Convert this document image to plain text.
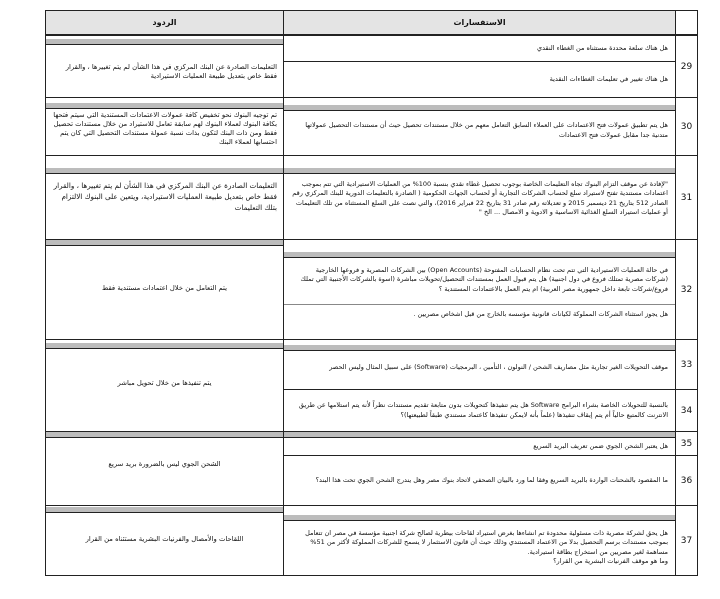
	الاستفسارات	الردود

29	هل هناك سلعة محددة مستثناه من الغطاء النقدي	التعليمات الصادرة عن البنك المركزي في هذا الشأن لم يتم تغييرها ، والقرار فقط خاص بتعديل طبيعة العمليات الاستيرادية

	هل هناك تغيير في تعليمات الغطاءات النقدية	

30	هل يتم تطبيق عمولات فتح الاعتمادات على العملاء السابق التعامل معهم من خلال مستندات تحصيل حيث أن مستندات التحصيل عمولاتها متدنية جدا مقابل عمولات فتح الاعتمادات	تم توجيه البنوك نحو تخفيض كافة عمولات الاعتمادات المستندية التي سيتم فتحها بكافة البنوك لعملاء البنوك لهم سابقة تعامل للاستيراد من خلال مستندات تحصيل فقط ومن ذات البنك لتكون بذات نسبة عمولة مستندات التحصيل التي كان يتم احتسابها لعملاء البنك

31	"لإفادة عن موقف التزام البنوك تجاه التعليمات الخاصة بوجوب تحصيل غطاء نقدي بنسبة 100% من العمليات الاستيرادية التي تتم بموجب اعتمادات مستندية تفتح لاستيراد سلع لحساب الشركات التجارية أو لحساب الجهات الحكومية ( الصادرة بالتعليمات الدورية للبنك المركزي رقم الصادر 512 بتاريخ 21 ديسمبر 2015 و تعديلاته رقم صادر 31 بتاريخ 22 فبراير 2016)، والتي نصت على السلع المستثناه من تلك التعليمات أو عمليات استيراد السلع الغذائية الاساسية و الادوية و الامصال ... الخ "	التعليمات الصادرة عن البنك المركزي في هذا الشأن لم يتم تغييرها ، والقرار فقط خاص بتعديل طبيعة العمليات الاستيرادية، ويتعين على البنوك الالتزام بتلك التعليمات

32	في حالة العمليات الاستيرادية التي تتم تحت نظام الحسابات المفتوحة (Open Accounts) بين الشركات المصرية و فروعها الخارجية (شركات مصرية تمتلك فروع في دول اجنبية) هل يتم قبول العمل بمستندات التحصيل/تحويلات مباشرة (اسوة بالشركات الأجنبية التي تملك فروع/شركات تابعة داخل جمهورية مصر العربية) ام يتم العمل بالاعتمادات المستندية ؟
هل يجوز استثناء الشركات المملوكة لكيانات قانونية مؤسسه بالخارج من قبل اشخاص مصريين .	يتم التعامل من خلال اعتمادات مستندية فقط

33	موقف التحويلات الغير تجارية مثل مصاريف الشحن / النولون ، التأمين ، البرمجيات (Software) على سبيل المثال وليس الحصر	يتم تنفيذها من خلال تحويل مباشر

34	بالنسبة للتحويلات الخاصة بشراء البرامج Software هل يتم تنفيذها كتحويلات بدون متابعة تقديم مستندات نظراً لأنه يتم استلامها عن طريق الانترنت كالمتبع حالياً أم يتم إيقاف تنفيذها (علماً بأنه لايمكن تنفيذها كاعتماد مستندي طبقاً لطبيعتها)؟	

35	هل يعتبر الشحن الجوي ضمن تعريف البريد السريع	الشحن الجوي ليس بالضرورة بريد سريع

36	ما المقصود بالشحنات الواردة بالبريد السريع وفقا لما ورد بالبيان الصحفي لاتحاد بنوك مصر وهل يندرج الشحن الجوي تحت هذا البند؟	

37	هل يحق لشركة مصرية ذات مسئولية محدودة تم انشاءها بغرض استيراد لقاحات بيطرية لصالح شركة اجنبية مؤسسة في مصر ان تتعامل بموجب مستندات برسم التحصيل بدلا من الاعتماد المستندي وذلك حيث أن قانون الاستثمار لا يسمح للشركات المملوكة لأكثر من 51% مساهمة لغير مصريين من استخراج بطاقة استيرادية.
وما هو موقف الفرنيات البشرية من القرار؟	اللقاحات والأمصال والفرنيات البشرية مستثناه من القرار
